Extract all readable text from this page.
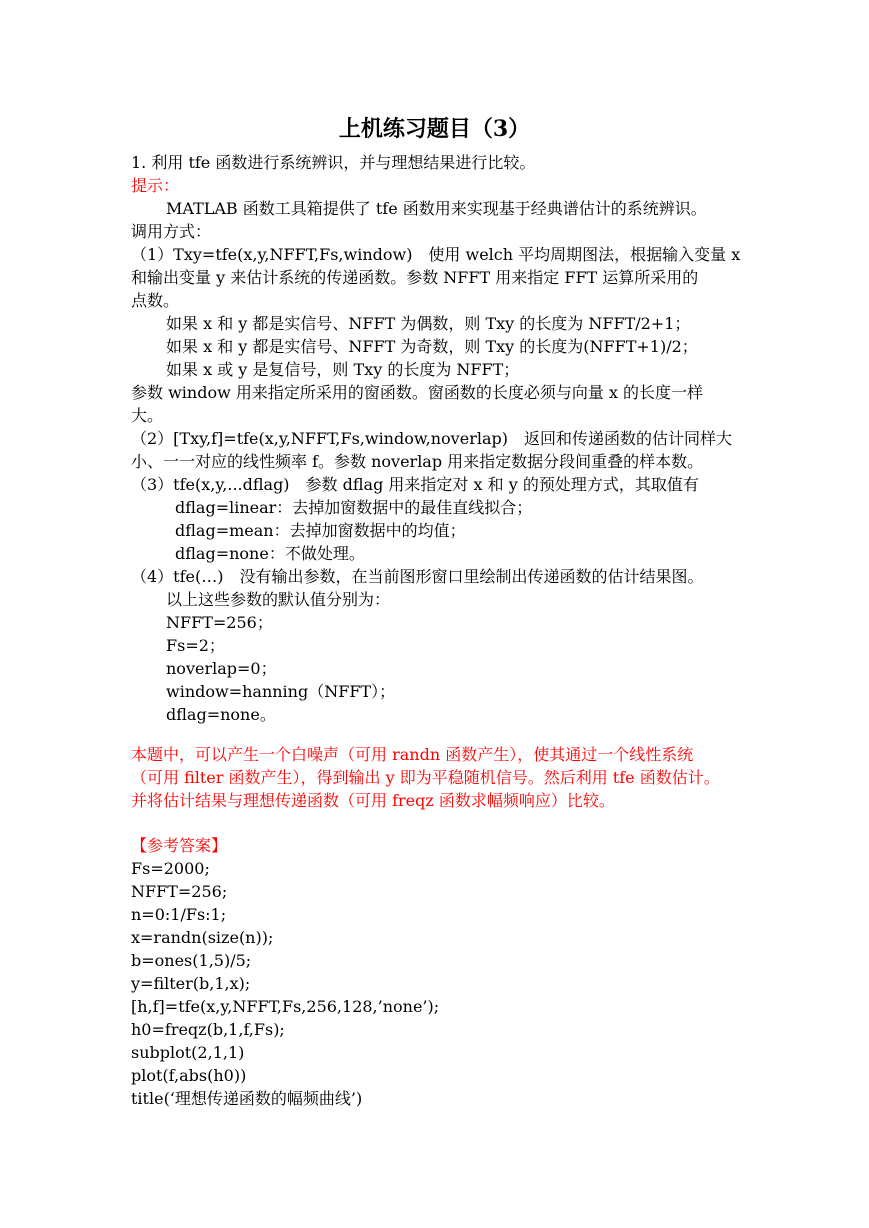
上机练习题目（3）
1. 利用 tfe 函数进行系统辨识，并与理想结果进行比较。
提示：
MATLAB 函数工具箱提供了 tfe 函数用来实现基于经典谱估计的系统辨识。
调用方式：
（1）Txy=tfe(x,y,NFFT,Fs,window)　使用 welch 平均周期图法，根据输入变量 x
和输出变量 y 来估计系统的传递函数。参数 NFFT 用来指定 FFT 运算所采用的
点数。
如果 x 和 y 都是实信号、NFFT 为偶数，则 Txy 的长度为 NFFT/2+1；
如果 x 和 y 都是实信号、NFFT 为奇数，则 Txy 的长度为(NFFT+1)/2；
如果 x 或 y 是复信号，则 Txy 的长度为 NFFT；
参数 window 用来指定所采用的窗函数。窗函数的长度必须与向量 x 的长度一样
大。
（2）[Txy,f]=tfe(x,y,NFFT,Fs,window,noverlap)　返回和传递函数的估计同样大
小、一一对应的线性频率 f。参数 noverlap 用来指定数据分段间重叠的样本数。
（3）tfe(x,y,...dflag)　参数 dflag 用来指定对 x 和 y 的预处理方式，其取值有
dflag=linear：去掉加窗数据中的最佳直线拟合；
dflag=mean：去掉加窗数据中的均值；
dflag=none：不做处理。
（4）tfe(…)　没有输出参数，在当前图形窗口里绘制出传递函数的估计结果图。
以上这些参数的默认值分别为：
NFFT=256；
Fs=2；
noverlap=0；
window=hanning（NFFT）；
dflag=none。
本题中，可以产生一个白噪声（可用 randn 函数产生），使其通过一个线性系统
（可用 filter 函数产生），得到输出 y 即为平稳随机信号。然后利用 tfe 函数估计。
并将估计结果与理想传递函数（可用 freqz 函数求幅频响应）比较。
【参考答案】
Fs=2000;
NFFT=256;
n=0:1/Fs:1;
x=randn(size(n));
b=ones(1,5)/5;
y=filter(b,1,x);
[h,f]=tfe(x,y,NFFT,Fs,256,128,’none’);
h0=freqz(b,1,f,Fs);
subplot(2,1,1)
plot(f,abs(h0))
title(‘理想传递函数的幅频曲线’)
